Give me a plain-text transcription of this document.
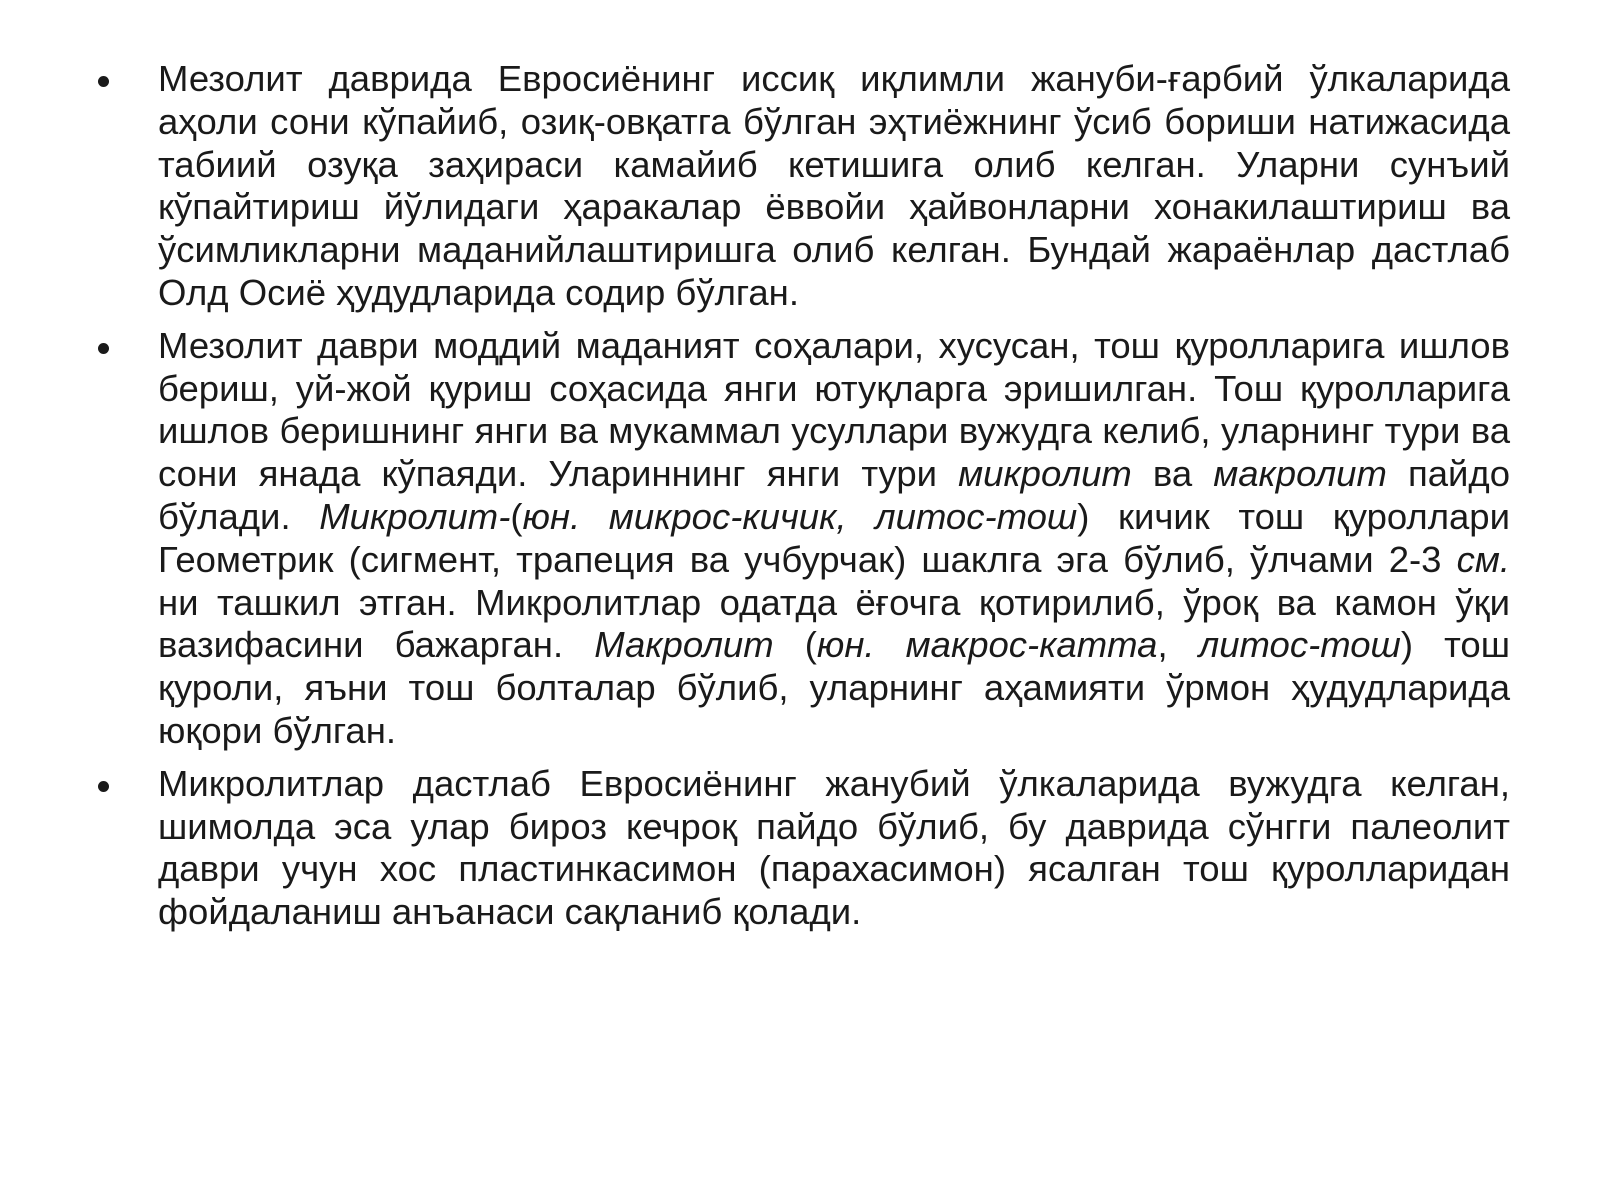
Мезолит даврида Евросиёнинг иссиқ иқлимли жануби-ғарбий ўлкаларида аҳоли сони кўпайиб, озиқ-овқатга бўлган эҳтиёжнинг ўсиб бориши натижасида табиий озуқа заҳираси камайиб кетишига олиб келган. Уларни сунъий кўпайтириш йўлидаги ҳаракалар ёввойи ҳайвонларни хонакилаштириш ва ўсимликларни маданийлаштиришга олиб келган. Бундай жараёнлар дастлаб Олд Осиё ҳудудларида содир бўлган.
Мезолит даври моддий маданият соҳалари, хусусан, тош қуролларига ишлов бериш, уй-жой қуриш соҳасида янги ютуқларга эришилган. Тош қуролларига ишлов беришнинг янги ва мукаммал усуллари вужудга келиб, уларнинг тури ва сони янада кўпаяди. Улариннинг янги тури микролит ва макролит пайдо бўлади. Микролит-(юн. микрос-кичик, литос-тош) кичик тош қуроллари Геометрик (сигмент, трапеция ва учбурчак) шаклга эга бўлиб, ўлчами 2-3 см. ни ташкил этган. Микролитлар одатда ёғочга қотирилиб, ўроқ ва камон ўқи вазифасини бажарган. Макролит (юн. макрос-катта, литос-тош) тош қуроли, яъни тош болталар бўлиб, уларнинг аҳамияти ўрмон ҳудудларида юқори бўлган.
Микролитлар дастлаб Евросиёнинг жанубий ўлкаларида вужудга келган, шимолда эса улар бироз кечроқ пайдо бўлиб, бу даврида сўнгги палеолит даври учун хос пластинкасимон (парахасимон) ясалган тош қуролларидан фойдаланиш анъанаси сақланиб қолади.
